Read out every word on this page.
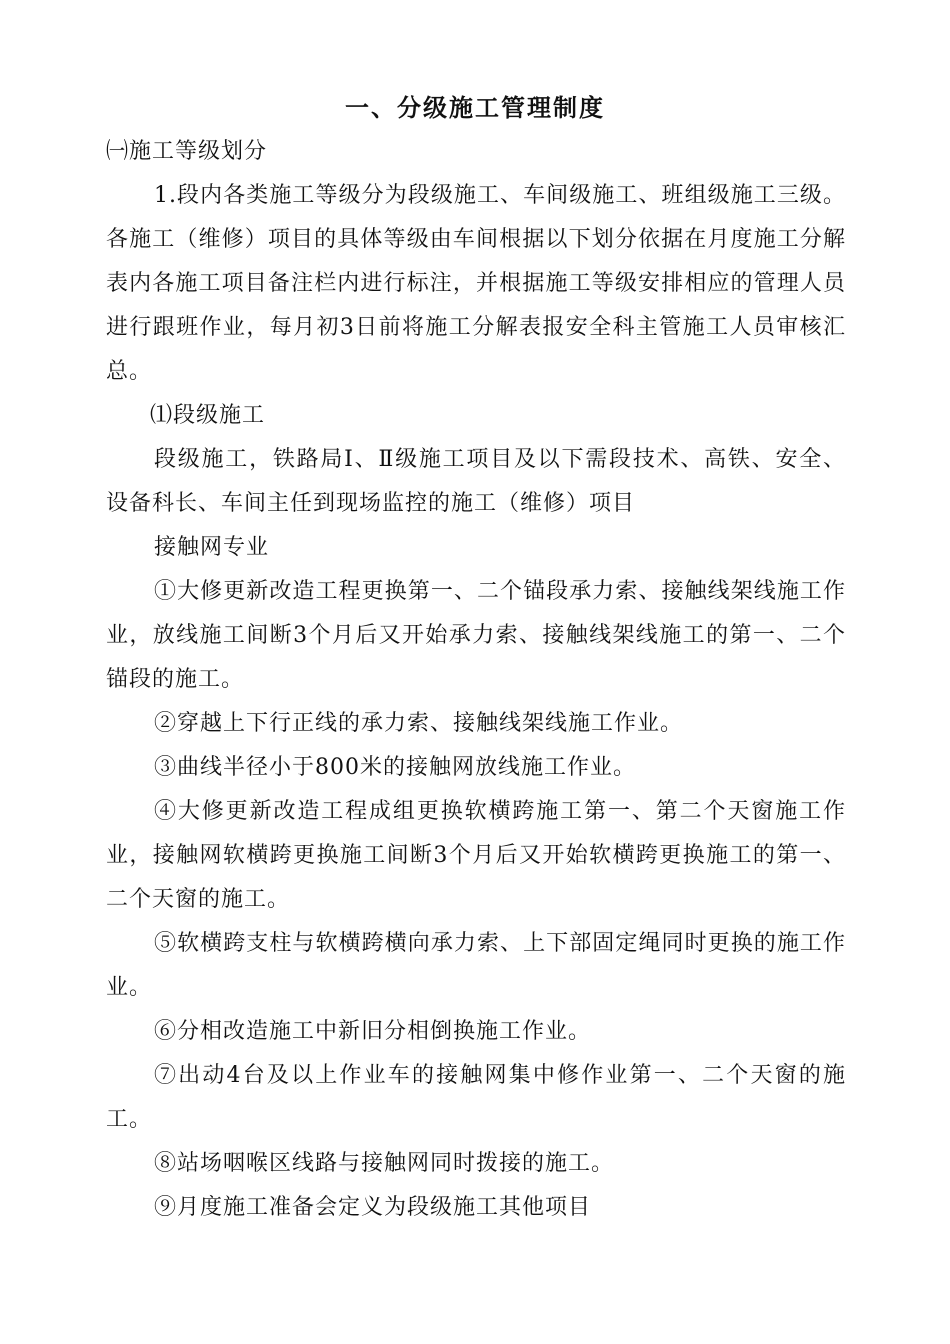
一、分级施工管理制度

㈠施工等级划分

1.段内各类施工等级分为段级施工、车间级施工、班组级施工三级。各施工（维修）项目的具体等级由车间根据以下划分依据在月度施工分解表内各施工项目备注栏内进行标注，并根据施工等级安排相应的管理人员进行跟班作业，每月初3日前将施工分解表报安全科主管施工人员审核汇总。

⑴段级施工

段级施工，铁路局Ⅰ、Ⅱ级施工项目及以下需段技术、高铁、安全、设备科长、车间主任到现场监控的施工（维修）项目

接触网专业

①大修更新改造工程更换第一、二个锚段承力索、接触线架线施工作业，放线施工间断3个月后又开始承力索、接触线架线施工的第一、二个锚段的施工。

②穿越上下行正线的承力索、接触线架线施工作业。

③曲线半径小于800米的接触网放线施工作业。

④大修更新改造工程成组更换软横跨施工第一、第二个天窗施工作业，接触网软横跨更换施工间断3个月后又开始软横跨更换施工的第一、二个天窗的施工。

⑤软横跨支柱与软横跨横向承力索、上下部固定绳同时更换的施工作业。

⑥分相改造施工中新旧分相倒换施工作业。

⑦出动4台及以上作业车的接触网集中修作业第一、二个天窗的施工。

⑧站场咽喉区线路与接触网同时拨接的施工。

⑨月度施工准备会定义为段级施工其他项目
